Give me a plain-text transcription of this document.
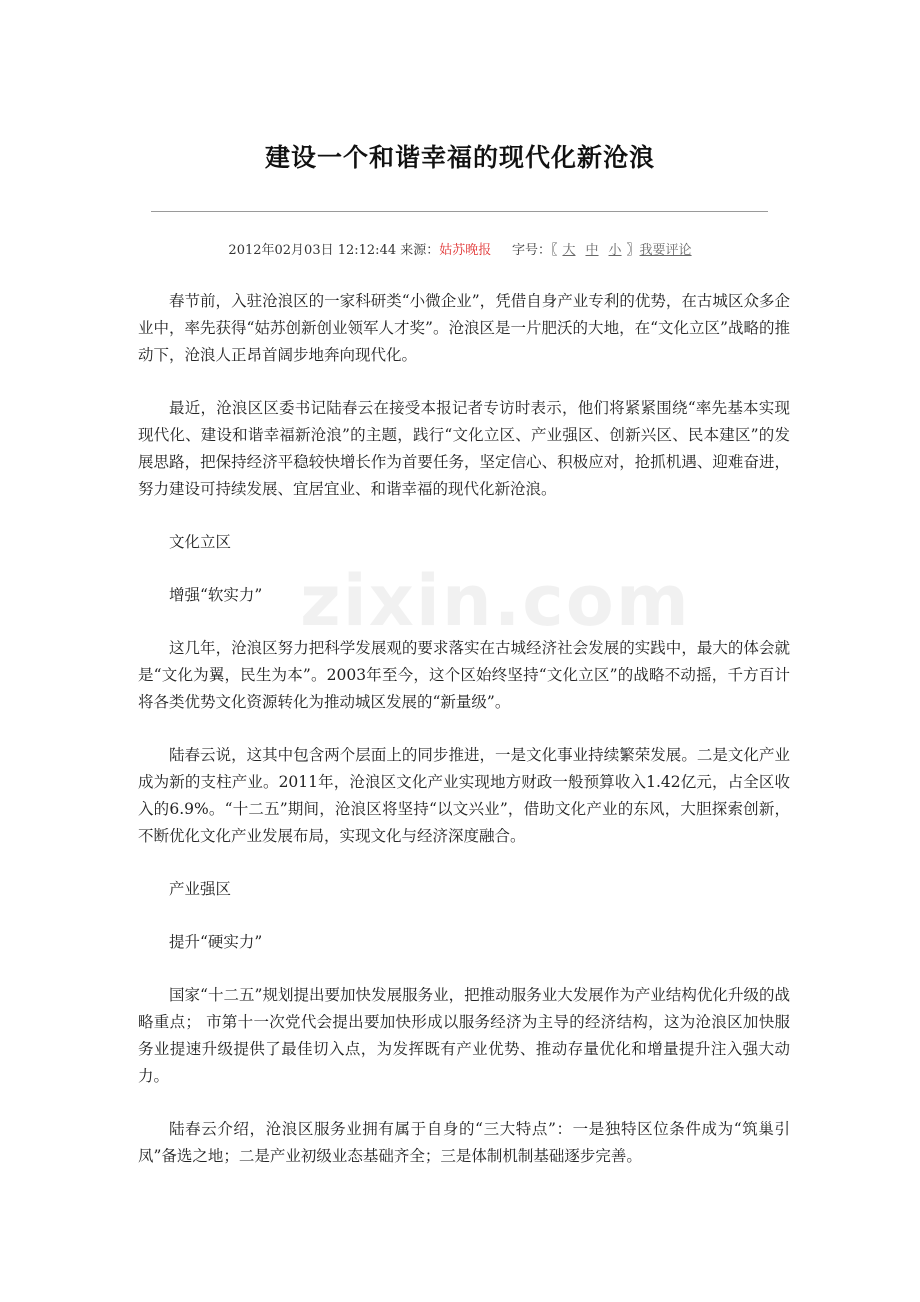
zixin.com
建设一个和谐幸福的现代化新沧浪
2012年02月03日 12:12:44 来源：姑苏晚报 字号：〖 大 中 小 〗我要评论

春节前，入驻沧浪区的一家科研类“小微企业”，凭借自身产业专利的优势，在古城区众多企业中，率先获得“姑苏创新创业领军人才奖”。沧浪区是一片肥沃的大地，在“文化立区”战略的推动下，沧浪人正昂首阔步地奔向现代化。

最近，沧浪区区委书记陆春云在接受本报记者专访时表示，他们将紧紧围绕“率先基本实现现代化、建设和谐幸福新沧浪”的主题，践行“文化立区、产业强区、创新兴区、民本建区”的发展思路，把保持经济平稳较快增长作为首要任务，坚定信心、积极应对，抢抓机遇、迎难奋进，努力建设可持续发展、宜居宜业、和谐幸福的现代化新沧浪。

文化立区

增强“软实力”

这几年，沧浪区努力把科学发展观的要求落实在古城经济社会发展的实践中，最大的体会就是“文化为翼，民生为本”。2003年至今，这个区始终坚持“文化立区”的战略不动摇，千方百计将各类优势文化资源转化为推动城区发展的“新量级”。

陆春云说，这其中包含两个层面上的同步推进，一是文化事业持续繁荣发展。二是文化产业成为新的支柱产业。2011年，沧浪区文化产业实现地方财政一般预算收入1.42亿元，占全区收入的6.9%。“十二五”期间，沧浪区将坚持“以文兴业”，借助文化产业的东风，大胆探索创新，不断优化文化产业发展布局，实现文化与经济深度融合。

产业强区

提升“硬实力”

国家“十二五”规划提出要加快发展服务业，把推动服务业大发展作为产业结构优化升级的战略重点； 市第十一次党代会提出要加快形成以服务经济为主导的经济结构，这为沧浪区加快服务业提速升级提供了最佳切入点，为发挥既有产业优势、推动存量优化和增量提升注入强大动力。

陆春云介绍，沧浪区服务业拥有属于自身的“三大特点”：一是独特区位条件成为“筑巢引凤”备选之地；二是产业初级业态基础齐全；三是体制机制基础逐步完善。
